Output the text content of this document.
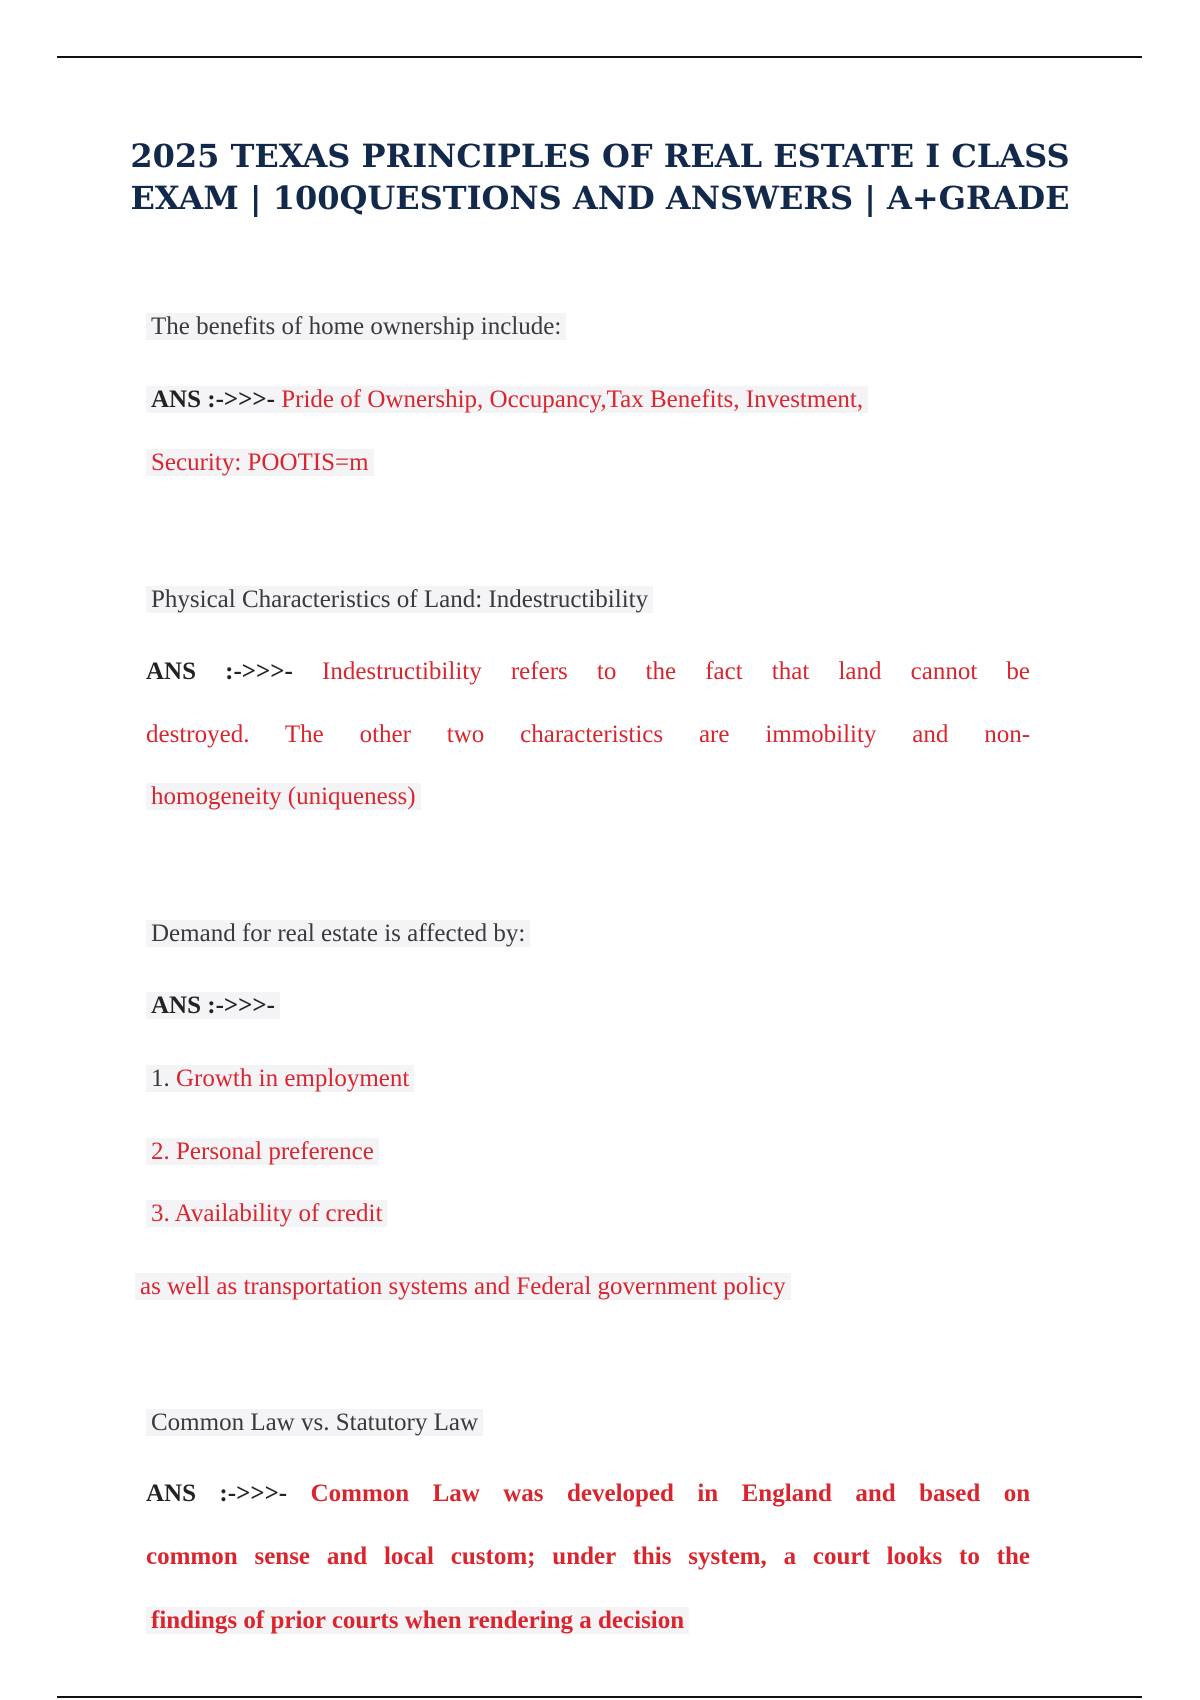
2025 TEXAS PRINCIPLES OF REAL ESTATE I CLASS
EXAM | 100QUESTIONS AND ANSWERS | A+GRADE

The benefits of home ownership include:

ANS :->>>- Pride of Ownership, Occupancy,Tax Benefits, Investment,

Security: POOTIS=m

Physical Characteristics of Land: Indestructibility

ANS :->>>- Indestructibility refers to the fact that land cannot be

destroyed. The other two characteristics are immobility and non-

homogeneity (uniqueness)

Demand for real estate is affected by:

ANS :->>>-

1. Growth in employment

2. Personal preference

3. Availability of credit

as well as transportation systems and Federal government policy

Common Law vs. Statutory Law

ANS :->>>- Common Law was developed in England and based on

common sense and local custom; under this system, a court looks to the

findings of prior courts when rendering a decision
